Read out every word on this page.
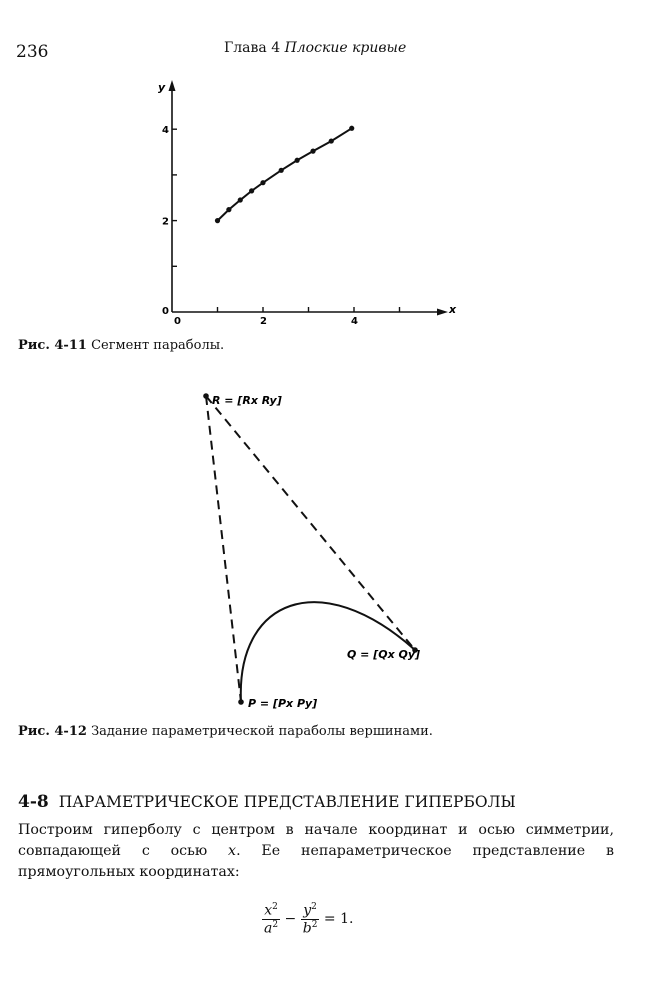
236	Глава 4 Плоские кривые
y
x
0	2	4
0
2
4
Рис. 4-11 Сегмент параболы.
R = [Rx Ry]
Q = [Qx Qy]
P = [Px Py]
Рис. 4-12 Задание параметрической параболы вершинами.
4-8 ПАРАМЕТРИЧЕСКОЕ ПРЕДСТАВЛЕНИЕ ГИПЕРБОЛЫ
Построим гиперболу с центром в начале координат и осью симметрии, совпадающей с осью x. Ее непараметрическое представление в прямоугольных координатах:
$\frac{x^2}{a^2} - \frac{y^2}{b^2} = 1$.
